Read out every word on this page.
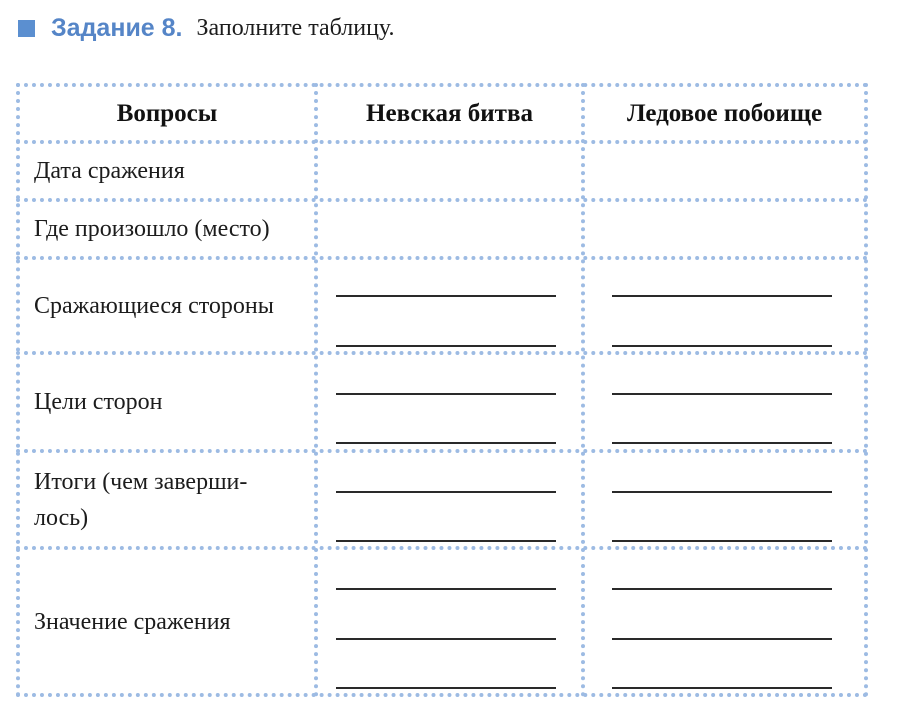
Задание 8. Заполните таблицу.
Вопросы	Невская битва	Ледовое побоище
Дата сражения
Где произошло (место)
Сражающиеся стороны
Цели сторон
Итоги (чем заверши-
лось)
Значение сражения
